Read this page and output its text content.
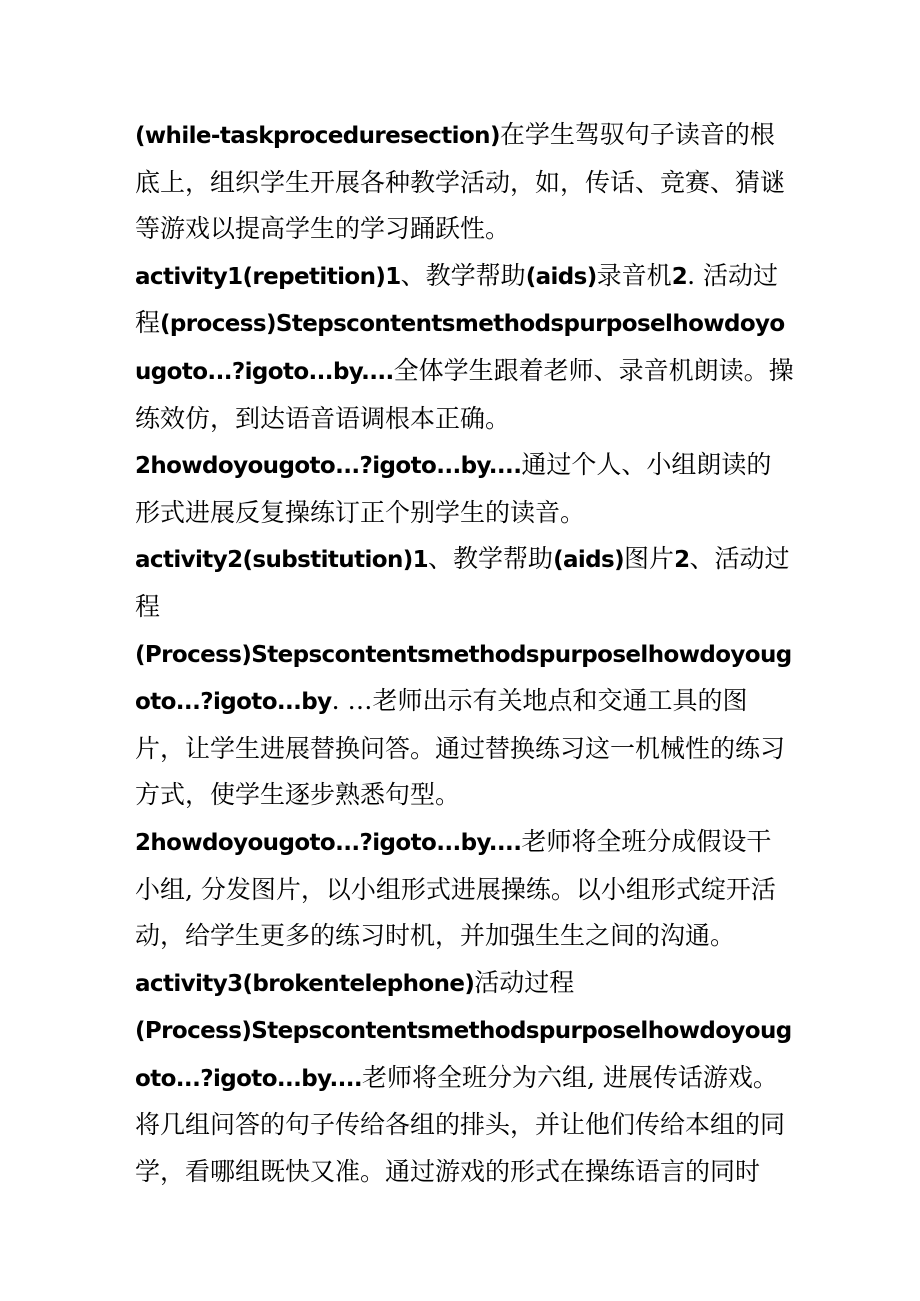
(while-taskproceduresection)在学生驾驭句子读音的根底上，组织学生开展各种教学活动，如，传话、竞赛、猜谜等游戏以提高学生的学习踊跃性。

activity1(repetition)1、教学帮助(aids)录音机2. 活动过程(process)Stepscontentsmethodspurposelhowdoyougoto...?igoto...by....全体学生跟着老师、录音机朗读。操练效仿，到达语音语调根本正确。

2howdoyougoto...?igoto...by....通过个人、小组朗读的形式进展反复操练订正个别学生的读音。

activity2(substitution)1、教学帮助(aids)图片2、活动过程

(Process)Stepscontentsmethodspurposelhowdoyougoto...?igoto...by. …老师出示有关地点和交通工具的图片，让学生进展替换问答。通过替换练习这一机械性的练习方式，使学生逐步熟悉句型。

2howdoyougoto...?igoto...by....老师将全班分成假设干小组, 分发图片，以小组形式进展操练。以小组形式绽开活动，给学生更多的练习时机，并加强生生之间的沟通。

activity3(brokentelephone)活动过程

(Process)Stepscontentsmethodspurposelhowdoyougoto...?igoto...by....老师将全班分为六组, 进展传话游戏。将几组问答的句子传给各组的排头，并让他们传给本组的同学，看哪组既快又准。通过游戏的形式在操练语言的同时
